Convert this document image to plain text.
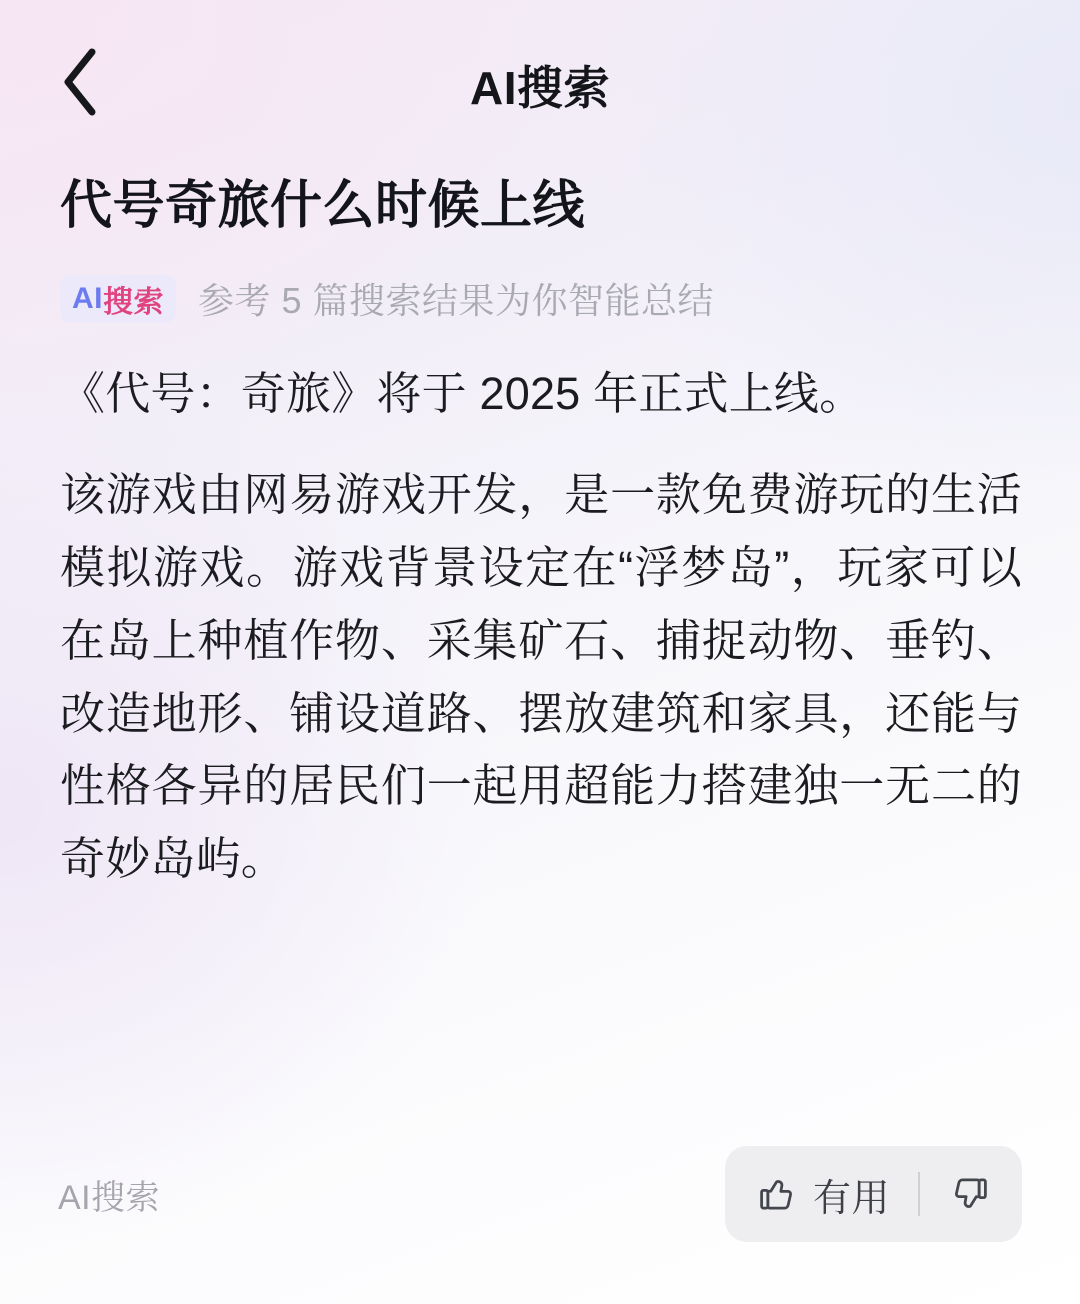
AI搜索
代号奇旅什么时候上线
AI 搜索 参考 5 篇搜索结果为你智能总结

《代号：奇旅》将于 2025 年正式上线。

该游戏由网易游戏开发，是一款免费游玩的生活模拟游戏。游戏背景设定在“浮梦岛”，玩家可以在岛上种植作物、采集矿石、捕捉动物、垂钓、改造地形、铺设道路、摆放建筑和家具，还能与性格各异的居民们一起用超能力搭建独一无二的奇妙岛屿。

AI搜索	有用
